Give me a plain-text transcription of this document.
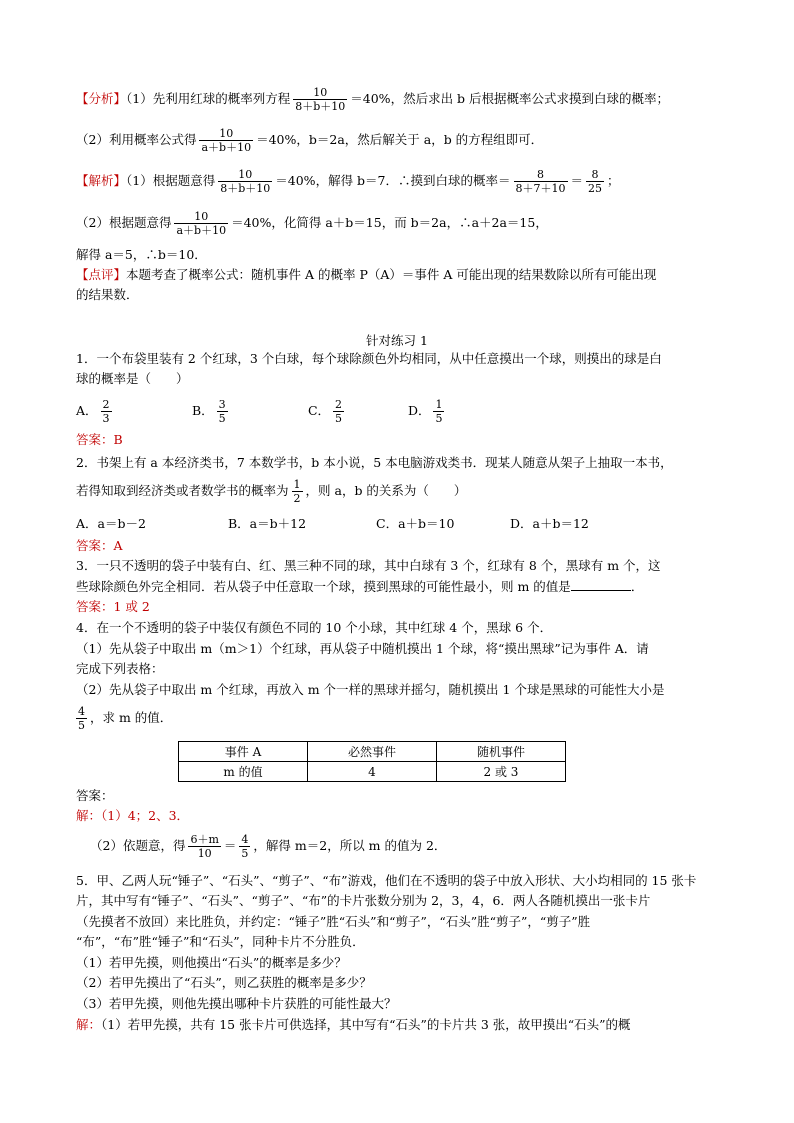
【分析】（1）先利用红球的概率列方程 $\frac{10}{8+b+10} =40\%$，然后求出 b 后根据概率公式求摸到白球的概率；
（2）利用概率公式得 $\frac{10}{a+b+10} =40\%$，b＝2a，然后解关于 a，b 的方程组即可．
【解析】（1）根据题意得 $\frac{10}{8+b+10} =40\%$，解得 b＝7．∴摸到白球的概率＝ $\frac{8}{8+7+10} = \frac{8}{25}$ ；
（2）根据题意得 $\frac{10}{a+b+10} =40\%$，化简得 a＋b＝15，而 b＝2a，∴a＋2a＝15，
解得 a＝5，∴b＝10．
【点评】本题考查了概率公式：随机事件 A 的概率 P（A）＝事件 A 可能出现的结果数除以所有可能出现
的结果数．
针对练习 1
1．一个布袋里装有 2 个红球，3 个白球，每个球除颜色外均相同，从中任意摸出一个球，则摸出的球是白
球的概率是（　　）
A． $\frac{2}{3}$	B． $\frac{3}{5}$	C． $\frac{2}{5}$	D． $\frac{1}{5}$
答案：B
2．书架上有 a 本经济类书，7 本数学书，b 本小说，5 本电脑游戏类书．现某人随意从架子上抽取一本书，
若得知取到经济类或者数学书的概率为 $\frac{1}{2}$ ，则 a，b 的关系为（　　）
A．a＝b－2	B．a＝b＋12	C．a＋b＝10	D．a＋b＝12
答案：A
3．一只不透明的袋子中装有白、红、黑三种不同的球，其中白球有 3 个，红球有 8 个，黑球有 m 个，这
些球除颜色外完全相同．若从袋子中任意取一个球，摸到黑球的可能性最小，则 m 的值是	．
答案：1 或 2
4．在一个不透明的袋子中装仅有颜色不同的 10 个小球，其中红球 4 个，黑球 6 个．
（1）先从袋子中取出 m（m＞1）个红球，再从袋子中随机摸出 1 个球，将“摸出黑球”记为事件 A．请
完成下列表格：
（2）先从袋子中取出 m 个红球，再放入 m 个一样的黑球并摇匀，随机摸出 1 个球是黑球的可能性大小是
$\frac{4}{5}$ ，求 m 的值．
事件 A	必然事件	随机事件
m 的值	4	2 或 3
答案：
解：（1）4；2、3．
（2）依题意，得 $\frac{6+m}{10} = \frac{4}{5}$ ，解得 m＝2，所以 m 的值为 2．
5．甲、乙两人玩“锤子”、“石头”、“剪子”、“布”游戏，他们在不透明的袋子中放入形状、大小均相同的 15 张卡
片，其中写有“锤子”、“石头”、“剪子”、“布”的卡片张数分别为 2，3，4，6．两人各随机摸出一张卡片
（先摸者不放回）来比胜负，并约定：“锤子”胜“石头”和“剪子”，“石头”胜“剪子”，“剪子”胜
“布”，“布”胜“锤子”和“石头”，同种卡片不分胜负．
（1）若甲先摸，则他摸出“石头”的概率是多少？
（2）若甲先摸出了“石头”，则乙获胜的概率是多少？
（3）若甲先摸，则他先摸出哪种卡片获胜的可能性最大？
解：（1）若甲先摸，共有 15 张卡片可供选择，其中写有“石头”的卡片共 3 张，故甲摸出“石头”的概
